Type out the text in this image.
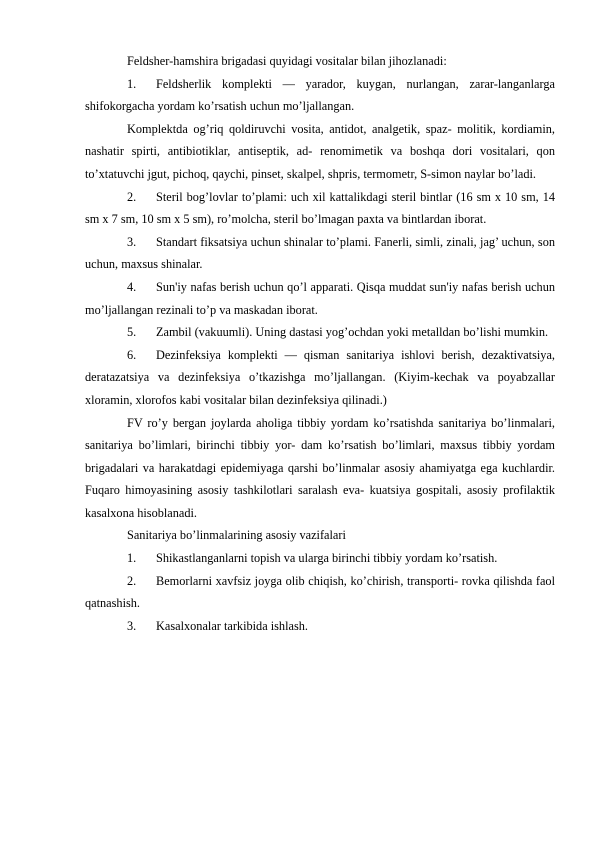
Feldsher-hamshira brigadasi quyidagi vositalar bilan jihozlanadi:

1. Feldsherlik komplekti — yarador, kuygan, nurlangan, zarar-langanlarga shifokorgacha yordam ko’rsatish uchun mo’ljallangan.

Komplektda og’riq qoldiruvchi vosita, antidot, analgetik, spaz- molitik, kordiamin, nashatir spirti, antibiotiklar, antiseptik, ad- renomimetik va boshqa dori vositalari, qon to’xtatuvchi jgut, pichoq, qaychi, pinset, skalpel, shpris, termometr, S-simon naylar bo’ladi.

2. Steril bog’lovlar to’plami: uch xil kattalikdagi steril bintlar (16 sm x 10 sm, 14 sm x 7 sm, 10 sm x 5 sm), ro’molcha, steril bo’lmagan paxta va bintlardan iborat.

3. Standart fiksatsiya uchun shinalar to’plami. Fanerli, simli, zinali, jag’ uchun, son uchun, maxsus shinalar.

4. Sun'iy nafas berish uchun qo’l apparati. Qisqa muddat sun'iy nafas berish uchun mo’ljallangan rezinali to’p va maskadan iborat.

5. Zambil (vakuumli). Uning dastasi yog’ochdan yoki metalldan bo’lishi mumkin.

6. Dezinfeksiya komplekti — qisman sanitariya ishlovi berish, dezaktivatsiya, deratazatsiya va dezinfeksiya o’tkazishga mo’ljallangan. (Kiyim-kechak va poyabzallar xloramin, xlorofos kabi vositalar bilan dezinfeksiya qilinadi.)

FV ro’y bergan joylarda aholiga tibbiy yordam ko’rsatishda sanitariya bo’linmalari, sanitariya bo’limlari, birinchi tibbiy yor- dam ko’rsatish bo’limlari, maxsus tibbiy yordam brigadalari va harakatdagi epidemiyaga qarshi bo’linmalar asosiy ahamiyatga ega kuchlardir. Fuqaro himoyasining asosiy tashkilotlari saralash eva- kuatsiya gospitali, asosiy profilaktik kasalxona hisoblanadi.

Sanitariya bo’linmalarining asosiy vazifalari

1. Shikastlanganlarni topish va ularga birinchi tibbiy yordam ko’rsatish.

2. Bemorlarni xavfsiz joyga olib chiqish, ko’chirish, transporti- rovka qilishda faol qatnashish.

3. Kasalxonalar tarkibida ishlash.
